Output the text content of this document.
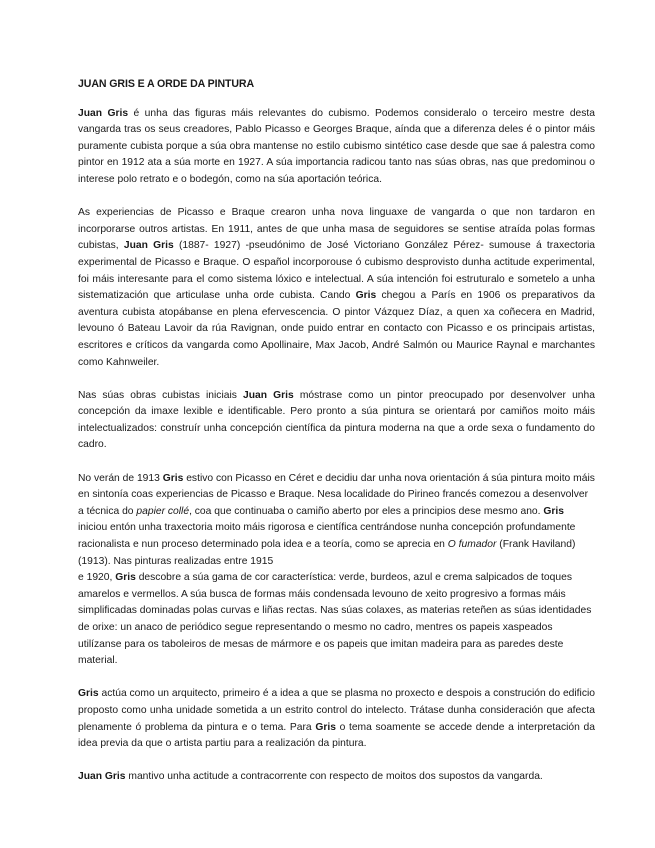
JUAN GRIS E A ORDE DA PINTURA

Juan Gris é unha das figuras máis relevantes do cubismo. Podemos consideralo o terceiro mestre desta vangarda tras os seus creadores, Pablo Picasso e Georges Braque, aínda que a diferenza deles é o pintor máis puramente cubista porque a súa obra mantense no estilo cubismo sintético case desde que sae á palestra como pintor en 1912 ata a súa morte en 1927. A súa importancia radicou tanto nas súas obras, nas que predominou o interese polo retrato e o bodegón, como na súa aportación teórica.

As experiencias de Picasso e Braque crearon unha nova linguaxe de vangarda o que non tardaron en incorporarse outros artistas. En 1911, antes de que unha masa de seguidores se sentise atraída polas formas cubistas, Juan Gris (1887- 1927) -pseudónimo de José Victoriano González Pérez- sumouse á traxectoria experimental de Picasso e Braque. O español incorporouse ó cubismo desprovisto dunha actitude experimental, foi máis interesante para el como sistema lóxico e intelectual. A súa intención foi estruturalo e sometelo a unha sistematización que articulase unha orde cubista. Cando Gris chegou a París en 1906 os preparativos da aventura cubista atopábanse en plena efervescencia. O pintor Vázquez Díaz, a quen xa coñecera en Madrid, levouno ó Bateau Lavoir da rúa Ravignan, onde puido entrar en contacto con Picasso e os principais artistas, escritores e críticos da vangarda como Apollinaire, Max Jacob, André Salmón ou Maurice Raynal e marchantes como Kahnweiler.

Nas súas obras cubistas iniciais Juan Gris móstrase como un pintor preocupado por desenvolver unha concepción da imaxe lexible e identificable. Pero pronto a súa pintura se orientará por camiños moito máis intelectualizados: construír unha concepción científica da pintura moderna na que a orde sexa o fundamento do cadro.

No verán de 1913 Gris estivo con Picasso en Céret e decidiu dar unha nova orientación á súa pintura moito máis en sintonía coas experiencias de Picasso e Braque. Nesa localidade do Pirineo francés comezou a desenvolver a técnica do papier collé, coa que continuaba o camiño aberto por eles a principios dese mesmo ano. Gris iniciou entón unha traxectoria moito máis rigorosa e científica centrándose nunha concepción profundamente racionalista e nun proceso determinado pola idea e a teoría, como se aprecia en O fumador (Frank Haviland) (1913). Nas pinturas realizadas entre 1915
e 1920, Gris descobre a súa gama de cor característica: verde, burdeos, azul e crema salpicados de toques amarelos e vermellos. A súa busca de formas máis condensada levouno de xeito progresivo a formas máis simplificadas dominadas polas curvas e liñas rectas. Nas súas colaxes, as materias reteñen as súas identidades de orixe: un anaco de periódico segue representando o mesmo no cadro, mentres os papeis xaspeados utilízanse para os taboleiros de mesas de mármore e os papeis que imitan madeira para as paredes deste material.

Gris actúa como un arquitecto, primeiro é a idea a que se plasma no proxecto e despois a construción do edificio proposto como unha unidade sometida a un estrito control do intelecto. Trátase dunha consideración que afecta plenamente ó problema da pintura e o tema. Para Gris o tema soamente se accede dende a interpretación da idea previa da que o artista partiu para a realización da pintura.

Juan Gris mantivo unha actitude a contracorrente con respecto de moitos dos supostos da vangarda.
